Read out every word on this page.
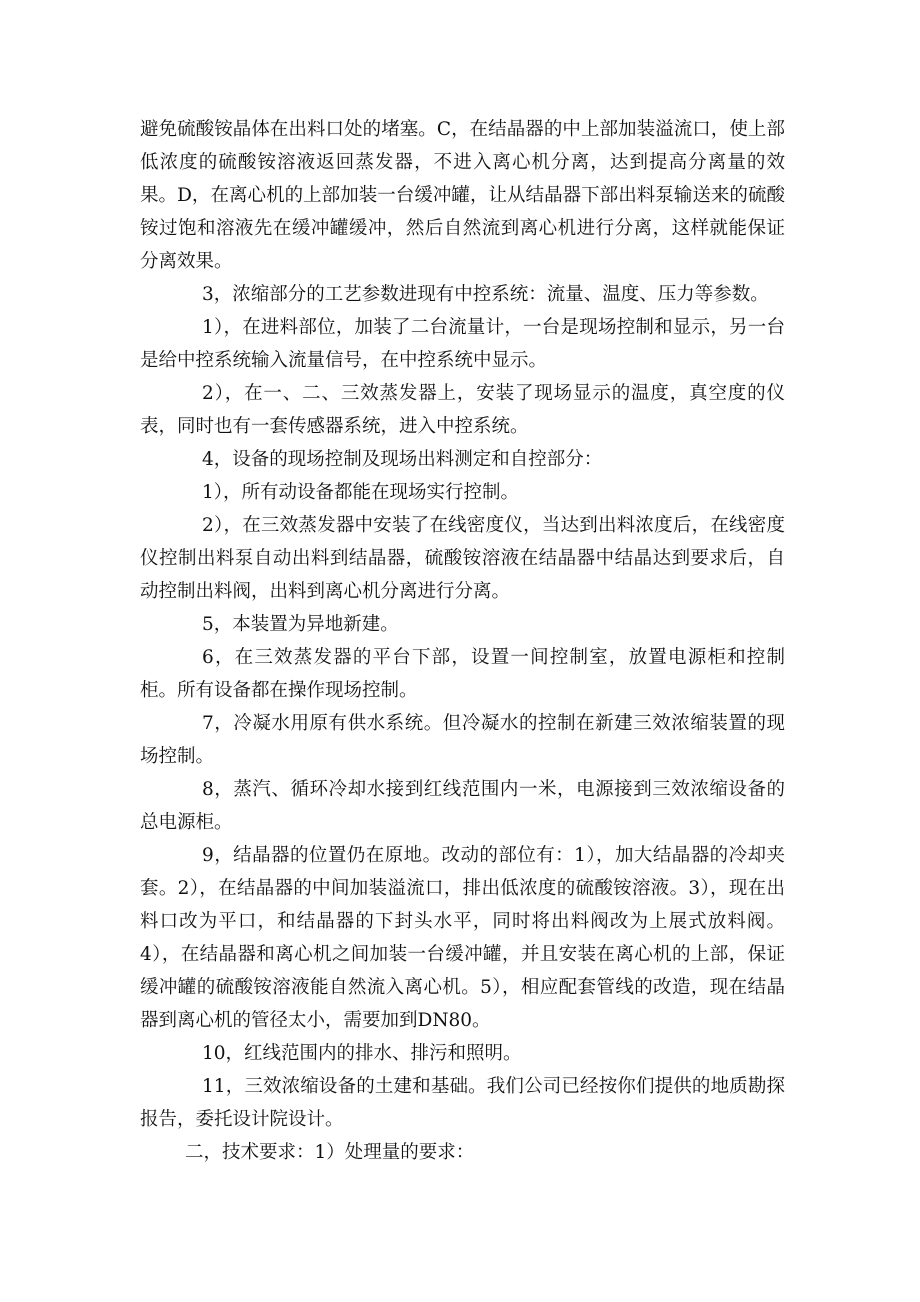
避免硫酸铵晶体在出料口处的堵塞。C，在结晶器的中上部加装溢流口，使上部低浓度的硫酸铵溶液返回蒸发器，不进入离心机分离，达到提高分离量的效果。D，在离心机的上部加装一台缓冲罐，让从结晶器下部出料泵输送来的硫酸铵过饱和溶液先在缓冲罐缓冲，然后自然流到离心机进行分离，这样就能保证分离效果。

3，浓缩部分的工艺参数进现有中控系统：流量、温度、压力等参数。

1），在进料部位，加装了二台流量计，一台是现场控制和显示，另一台是给中控系统输入流量信号，在中控系统中显示。

2），在一、二、三效蒸发器上，安装了现场显示的温度，真空度的仪表，同时也有一套传感器系统，进入中控系统。

4，设备的现场控制及现场出料测定和自控部分：

1），所有动设备都能在现场实行控制。

2），在三效蒸发器中安装了在线密度仪，当达到出料浓度后，在线密度仪控制出料泵自动出料到结晶器，硫酸铵溶液在结晶器中结晶达到要求后，自动控制出料阀，出料到离心机分离进行分离。

5，本装置为异地新建。

6，在三效蒸发器的平台下部，设置一间控制室，放置电源柜和控制柜。所有设备都在操作现场控制。

7，冷凝水用原有供水系统。但冷凝水的控制在新建三效浓缩装置的现场控制。

8，蒸汽、循环冷却水接到红线范围内一米，电源接到三效浓缩设备的总电源柜。

9，结晶器的位置仍在原地。改动的部位有：1），加大结晶器的冷却夹套。2），在结晶器的中间加装溢流口，排出低浓度的硫酸铵溶液。3），现在出料口改为平口，和结晶器的下封头水平，同时将出料阀改为上展式放料阀。4），在结晶器和离心机之间加装一台缓冲罐，并且安装在离心机的上部，保证缓冲罐的硫酸铵溶液能自然流入离心机。5），相应配套管线的改造，现在结晶器到离心机的管径太小，需要加到DN80。

10，红线范围内的排水、排污和照明。

11，三效浓缩设备的土建和基础。我们公司已经按你们提供的地质勘探报告，委托设计院设计。

二，技术要求：1）处理量的要求：
